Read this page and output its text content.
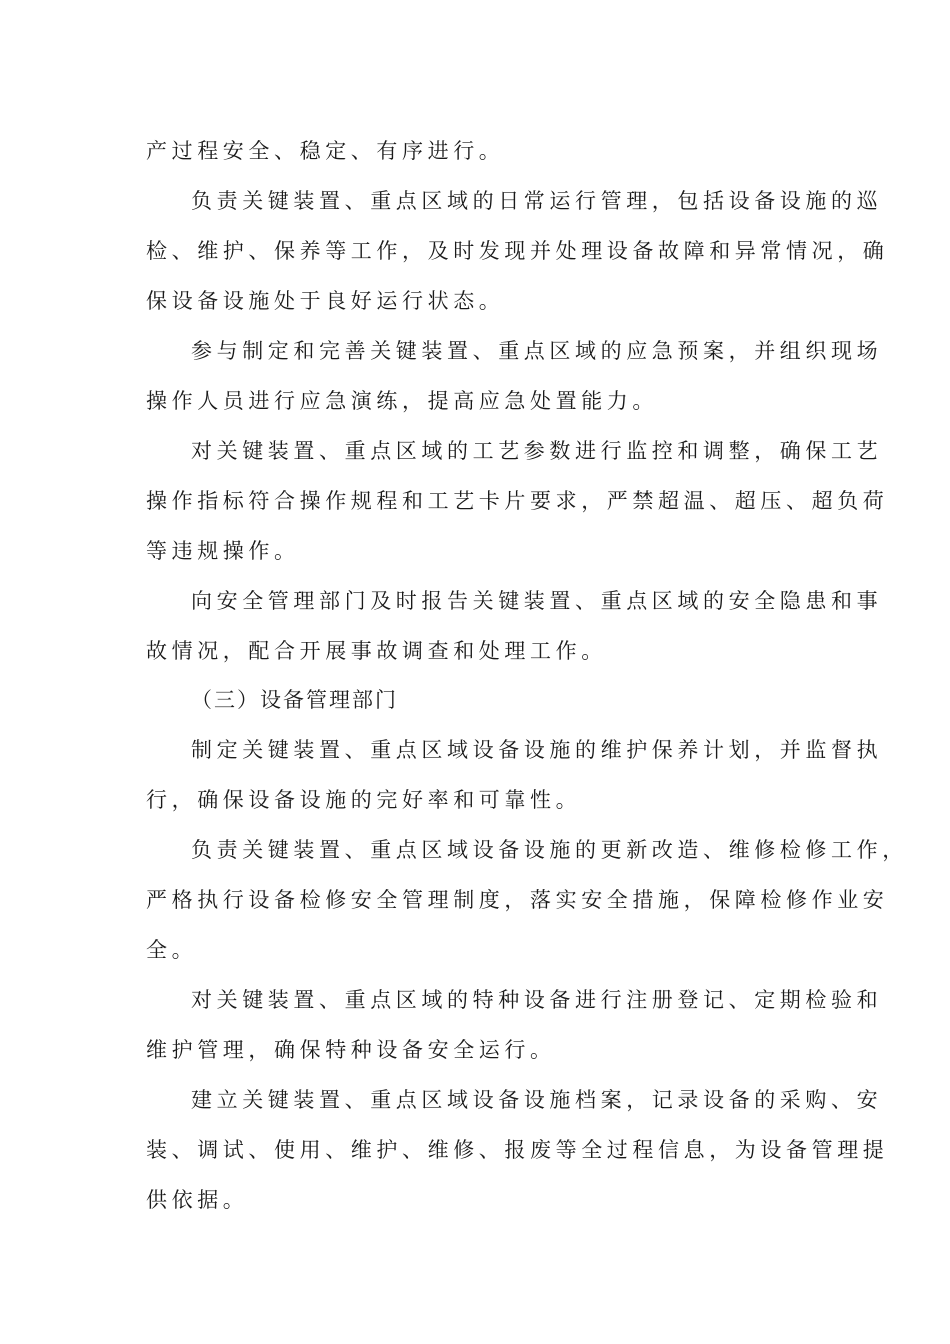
产过程安全、稳定、有序进行。
负责关键装置、重点区域的日常运行管理，包括设备设施的巡
检、维护、保养等工作，及时发现并处理设备故障和异常情况，确
保设备设施处于良好运行状态。
参与制定和完善关键装置、重点区域的应急预案，并组织现场
操作人员进行应急演练，提高应急处置能力。
对关键装置、重点区域的工艺参数进行监控和调整，确保工艺
操作指标符合操作规程和工艺卡片要求，严禁超温、超压、超负荷
等违规操作。
向安全管理部门及时报告关键装置、重点区域的安全隐患和事
故情况，配合开展事故调查和处理工作。
（三）设备管理部门
制定关键装置、重点区域设备设施的维护保养计划，并监督执
行，确保设备设施的完好率和可靠性。
负责关键装置、重点区域设备设施的更新改造、维修检修工作，
严格执行设备检修安全管理制度，落实安全措施，保障检修作业安
全。
对关键装置、重点区域的特种设备进行注册登记、定期检验和
维护管理，确保特种设备安全运行。
建立关键装置、重点区域设备设施档案，记录设备的采购、安
装、调试、使用、维护、维修、报废等全过程信息，为设备管理提
供依据。
